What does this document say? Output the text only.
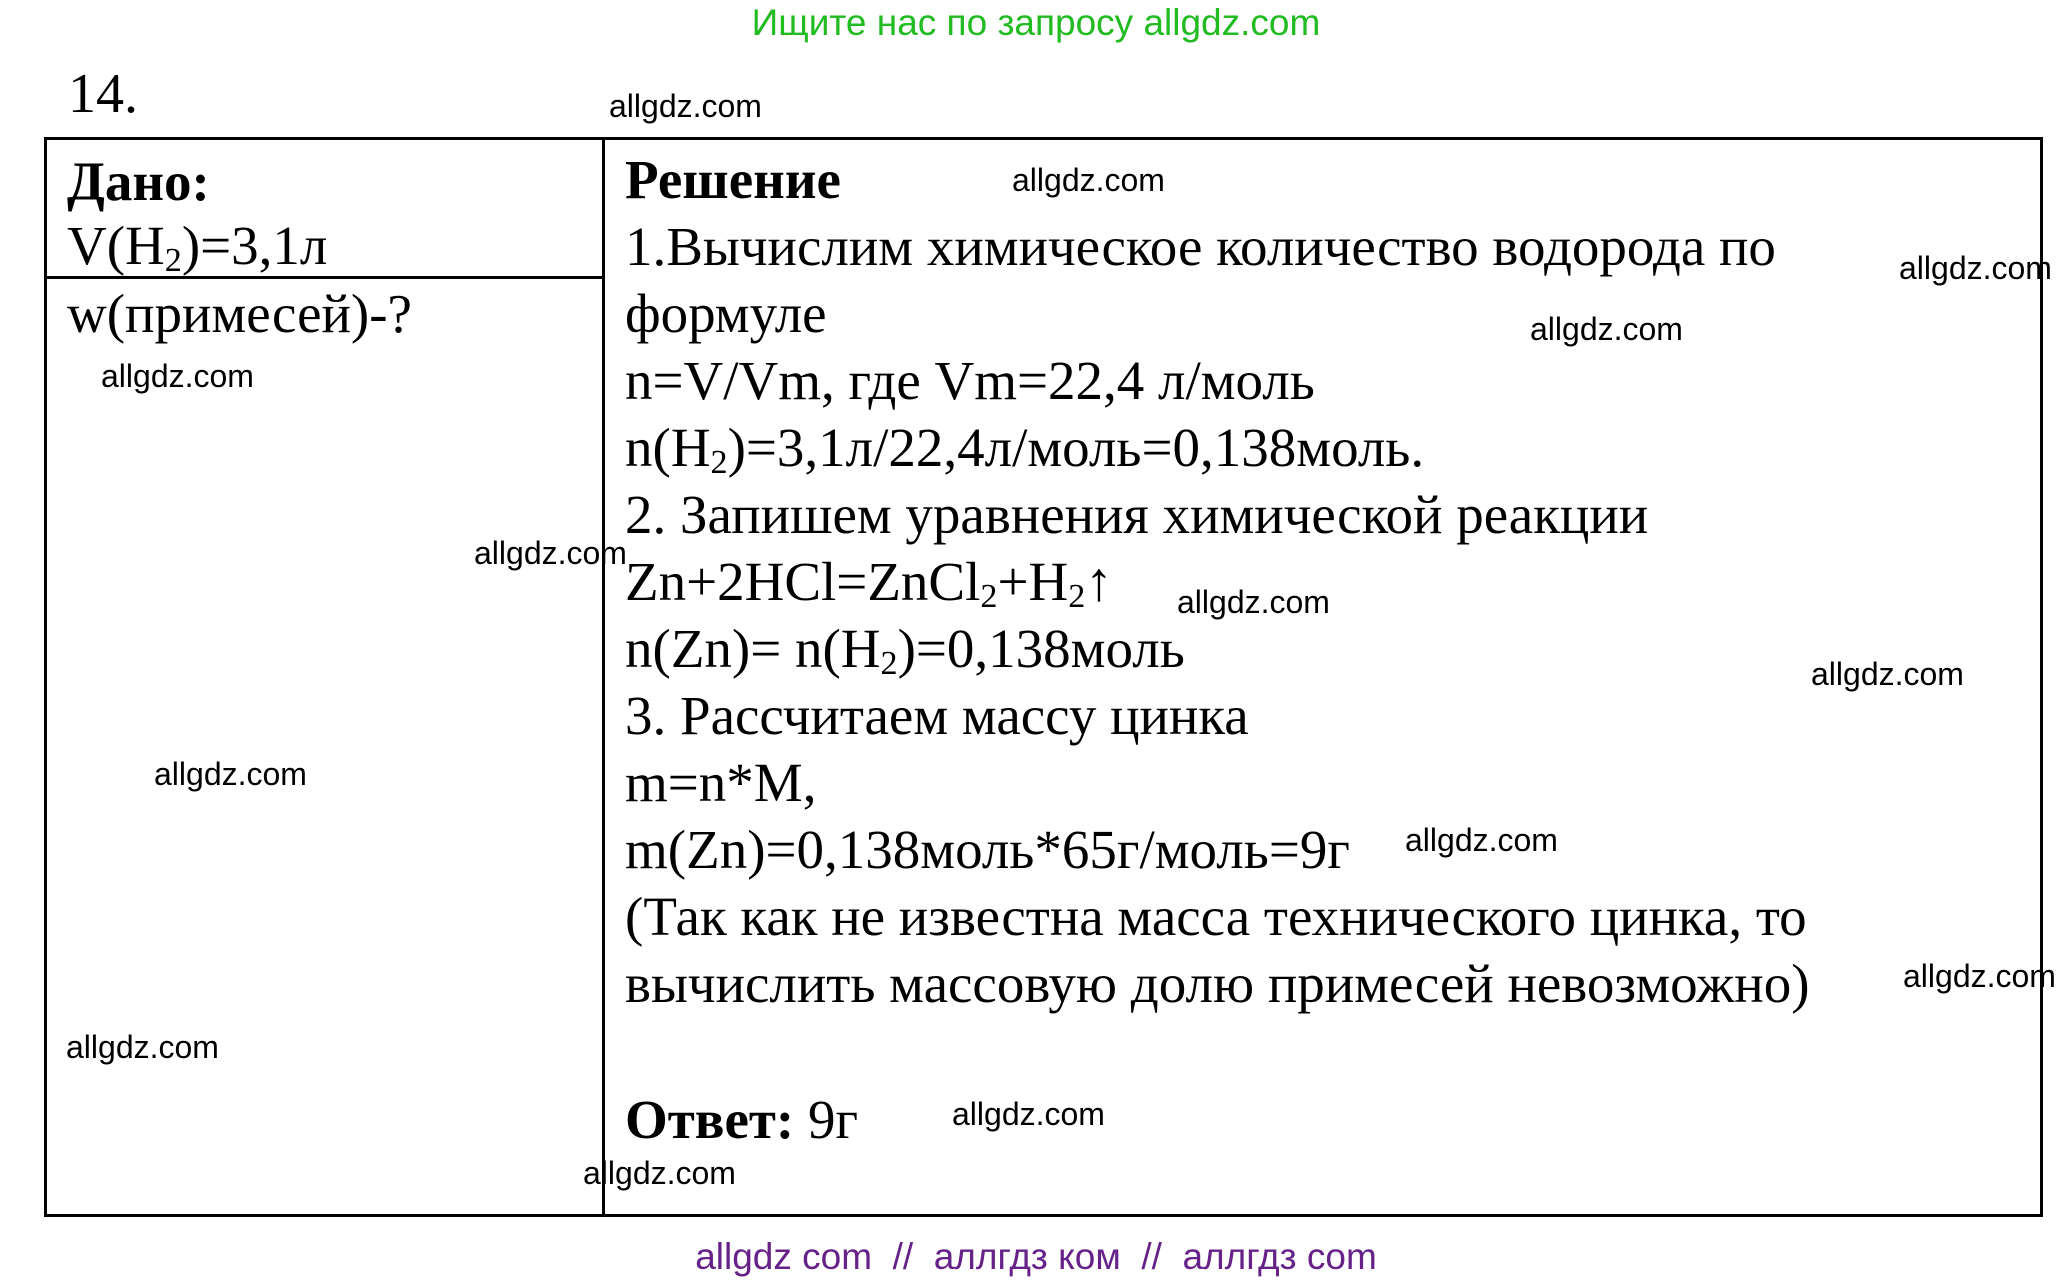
Ищите нас по запросу allgdz.com
14.
Дано:
$V(H_2)=3,1л$
w(примесей)-?
Решение
1.Вычислим химическое количество водорода по
формуле
n=V/Vm, где Vm=22,4 л/моль
$n(H_2)=3,1л/22,4л/моль=0,138моль$.
2. Запишем уравнения химической реакции
$Zn+2HCl=ZnCl_2+H_2↑$
$n(Zn)= n(H_2)=0,138моль$
3. Рассчитаем массу цинка
m=n*M,
m(Zn)=0,138моль*65г/моль=9г
(Так как не известна масса технического цинка, то
вычислить массовую долю примесей невозможно)
Ответ: 9г
allgdz.com
allgdz.com
allgdz.com
allgdz.com
allgdz.com
allgdz.com
allgdz.com
allgdz.com
allgdz.com
allgdz.com
allgdz.com
allgdz.com
allgdz.com
allgdz.com
allgdz com  //  аллгдз ком  //  аллгдз com
